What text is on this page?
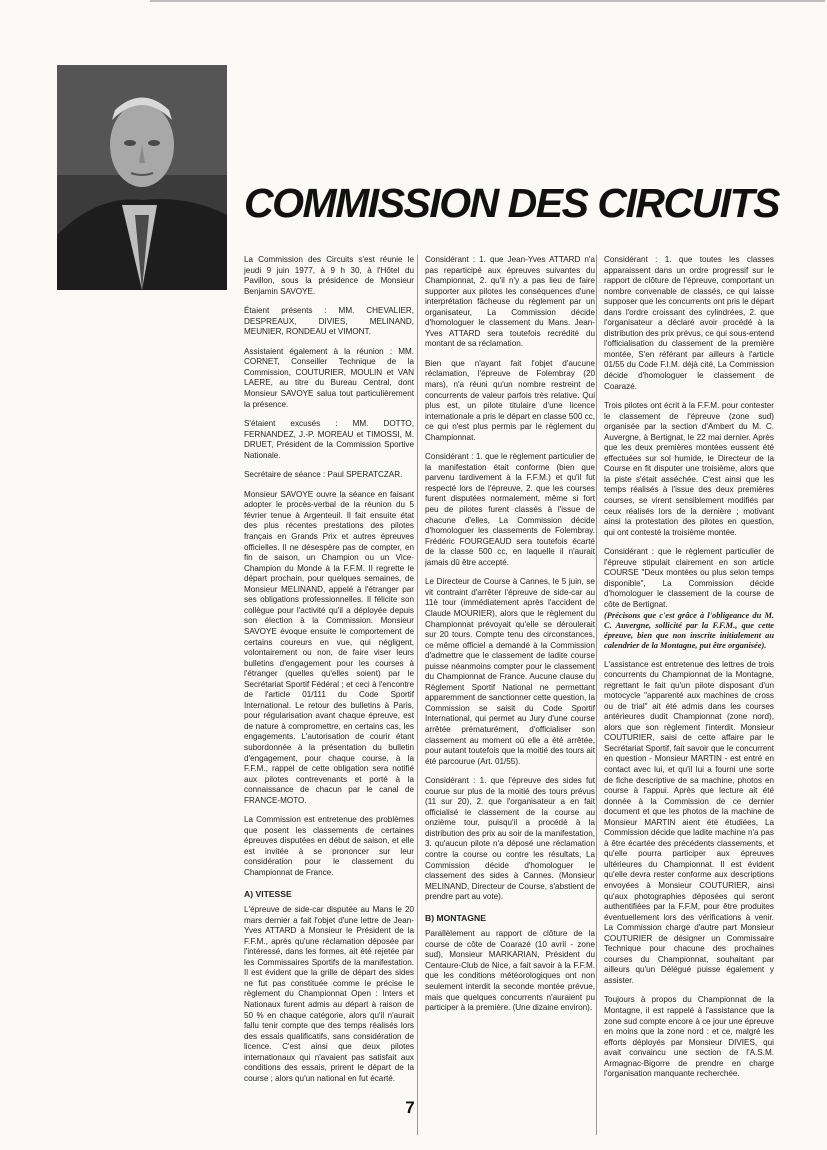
COMMISSION DES CIRCUITS

La Commission des Circuits s'est réunie le jeudi 9 juin 1977, à 9 h 30, à l'Hôtel du Pavillon, sous la présidence de Monsieur Benjamin SAVOYE.

Étaient présents : MM. CHEVALIER, DESPREAUX, DIVIES, MELINAND, MEUNIER, RONDEAU et VIMONT.

Assistaient également à la réunion : MM. CORNET, Conseiller Technique de la Commission, COUTURIER, MOULIN et VAN LAERE, au titre du Bureau Central, dont Monsieur SAVOYE salua tout particulièrement la présence.

S'étaient excusés : MM. DOTTO, FERNANDEZ, J.-P. MOREAU et TIMOSSI, M. DRUET, Président de la Commission Sportive Nationale.

Secrétaire de séance : Paul SPERATCZAR.

Monsieur SAVOYE ouvre la séance en faisant adopter le procès-verbal de la réunion du 5 février tenue à Argenteuil. Il fait ensuite état des plus récentes prestations des pilotes français en Grands Prix et autres épreuves officielles. Il ne désespère pas de compter, en fin de saison, un Champion ou un Vice-Champion du Monde à la F.F.M. Il regrette le départ prochain, pour quelques semaines, de Monsieur MELINAND, appelé à l'étranger par ses obligations professionnelles. Il félicite son collègue pour l'activité qu'il a déployée depuis son élection à la Commission. Monsieur SAVOYE évoque ensuite le comportement de certains coureurs en vue, qui négligent, volontairement ou non, de faire viser leurs bulletins d'engagement pour les courses à l'étranger (quelles qu'elles soient) par le Secrétariat Sportif Fédéral ; et ceci à l'encontre de l'article 01/111 du Code Sportif International. Le retour des bulletins à Paris, pour régularisation avant chaque épreuve, est de nature à compromettre, en certains cas, les engagements. L'autorisation de courir étant subordonnée à la présentation du bulletin d'engagement, pour chaque course, à la F.F.M., rappel de cette obligation sera notifié aux pilotes contrevenants et porté à la connaissance de chacun par le canal de FRANCE-MOTO.

La Commission est entretenue des problèmes que posent les classements de certaines épreuves disputées en début de saison, et elle est invitée à se prononcer sur leur considération pour le classement du Championnat de France.

A) VITESSE

L'épreuve de side-car disputée au Mans le 20 mars dernier a fait l'objet d'une lettre de Jean-Yves ATTARD à Monsieur le Président de la F.F.M., après qu'une réclamation déposée par l'intéressé, dans les formes, ait été rejetée par les Commissaires Sportifs de la manifestation. Il est évident que la grille de départ des sides ne fut pas constituée comme le précise le règlement du Championnat Open : Inters et Nationaux furent admis au départ à raison de 50 % en chaque catégorie, alors qu'il n'aurait fallu tenir compte que des temps réalisés lors des essais qualificatifs, sans considération de licence. C'est ainsi que deux pilotes internationaux qui n'avaient pas satisfait aux conditions des essais, prirent le départ de la course ; alors qu'un national en fut écarté.

Considérant : 1. que Jean-Yves ATTARD n'a pas reparticipé aux épreuves suivantes du Championnat, 2. qu'il n'y a pas lieu de faire supporter aux pilotes les conséquences d'une interprétation fâcheuse du règlement par un organisateur, La Commission décide d'homologuer le classement du Mans. Jean-Yves ATTARD sera toutefois recrédité du montant de sa réclamation.

Bien que n'ayant fait l'objet d'aucune réclamation, l'épreuve de Folembray (20 mars), n'a réuni qu'un nombre restreint de concurrents de valeur parfois très relative. Qui plus est, un pilote titulaire d'une licence internationale a pris le départ en classe 500 cc, ce qui n'est plus permis par le règlement du Championnat.

Considérant : 1. que le règlement particulier de la manifestation était conforme (bien que parvenu tardivement à la F.F.M.) et qu'il fut respecté lors de l'épreuve, 2. que les courses furent disputées normalement, même si fort peu de pilotes furent classés à l'issue de chacune d'elles, La Commission décide d'homologuer les classements de Folembray. Frédéric FOURGEAUD sera toutefois écarté de la classe 500 cc, en laquelle il n'aurait jamais dû être accepté.

Le Directeur de Course à Cannes, le 5 juin, se vit contraint d'arrêter l'épreuve de side-car au 11è tour (immédiatement après l'accident de Claude MOURIER), alors que le règlement du Championnat prévoyait qu'elle se déroulerait sur 20 tours. Compte tenu des circonstances, ce même officiel a demandé à la Commission d'admettre que le classement de ladite course puisse néanmoins compter pour le classement du Championnat de France. Aucune clause du Règlement Sportif National ne permettant apparemment de sanctionner cette question, la Commission se saisit du Code Sportif International, qui permet au Jury d'une course arrêtée prématurément, d'officialiser son classement au moment où elle a été arrêtée, pour autant toutefois que la moitié des tours ait été parcourue (Art. 01/55).

Considérant : 1. que l'épreuve des sides fut courue sur plus de la moitié des tours prévus (11 sur 20), 2. que l'organisateur a en fait officialisé le classement de la course au onzième tour, puisqu'il a procédé à la distribution des prix au soir de la manifestation, 3. qu'aucun pilote n'a déposé une réclamation contre la course ou contre les résultats, La Commission décide d'homologuer le classement des sides à Cannes. (Monsieur MELINAND, Directeur de Course, s'abstient de prendre part au vote).

B) MONTAGNE

Parallèlement au rapport de clôture de la course de côte de Coarazé (10 avril - zone sud), Monsieur MARKARIAN, Président du Centaure-Club de Nice, a fait savoir à la F.F.M. que les conditions météorologiques ont non seulement interdit la seconde montée prévue, mais que quelques concurrents n'auraient pu participer à la première. (Une dizaine environ).

Considérant : 1. que toutes les classes apparaissent dans un ordre progressif sur le rapport de clôture de l'épreuve, comportant un nombre convenable de classés, ce qui laisse supposer que les concurrents ont pris le départ dans l'ordre croissant des cylindrées, 2. que l'organisateur a déclaré avoir procédé à la distribution des prix prévus, ce qui sous-entend l'officialisation du classement de la première montée, S'en référant par ailleurs à l'article 01/55 du Code F.I.M. déjà cité, La Commission décide d'homologuer le classement de Coarazé.

Trois pilotes ont écrit à la F.F.M. pour contester le classement de l'épreuve (zone sud) organisée par la section d'Ambert du M. C. Auvergne, à Bertignat, le 22 mai dernier. Après que les deux premières montées eussent été effectuées sur sol humide, le Directeur de la Course en fit disputer une troisième, alors que la piste s'était asséchée. C'est ainsi que les temps réalisés à l'issue des deux premières courses, se virent sensiblement modifiés par ceux réalisés lors de la dernière ; motivant ainsi la protestation des pilotes en question, qui ont contesté la troisième montée.

Considérant : que le règlement particulier de l'épreuve stipulait clairement en son article COURSE "Deux montées ou plus selon temps disponible", La Commission décide d'homologuer le classement de la course de côte de Bertignat.

(Précisons que c'est grâce à l'obligeance du M. C. Auvergne, sollicité par la F.F.M., que cette épreuve, bien que non inscrite initialement au calendrier de la Montagne, put être organisée).

L'assistance est entretenue des lettres de trois concurrents du Championnat de la Montagne, regrettant le fait qu'un pilote disposant d'un motocycle "apparenté aux machines de cross ou de trial" ait été admis dans les courses antérieures dudit Championnat (zone nord), alors que son règlement l'interdit. Monsieur COUTURIER, saisi de cette affaire par le Secrétariat Sportif, fait savoir que le concurrent en question - Monsieur MARTIN - est entré en contact avec lui, et qu'il lui a fourni une sorte de fiche descriptive de sa machine, photos en course à l'appui. Après que lecture ait été donnée à la Commission de ce dernier document et que les photos de la machine de Monsieur MARTIN aient été étudiées, La Commission décide que ladite machine n'a pas à être écartée des précédents classements, et qu'elle pourra participer aux épreuves ultérieures du Championnat. Il est évident qu'elle devra rester conforme aux descriptions envoyées à Monsieur COUTURIER, ainsi qu'aux photographies déposées qui seront authentifiées par la F.F.M, pour être produites éventuellement lors des vérifications à venir. La Commission charge d'autre part Monsieur COUTURIER de désigner un Commissaire Technique pour chacune des prochaines courses du Championnat, souhaitant par ailleurs qu'un Délégué puisse également y assister.

Toujours à propos du Championnat de la Montagne, il est rappelé à l'assistance que la zone sud compte encore à ce jour une épreuve en moins que la zone nord : et ce, malgré les efforts déployés par Monsieur DIVIES, qui avait convaincu une section de l'A.S.M. Armagnac-Bigorre de prendre en charge l'organisation manquante recherchée.

7
